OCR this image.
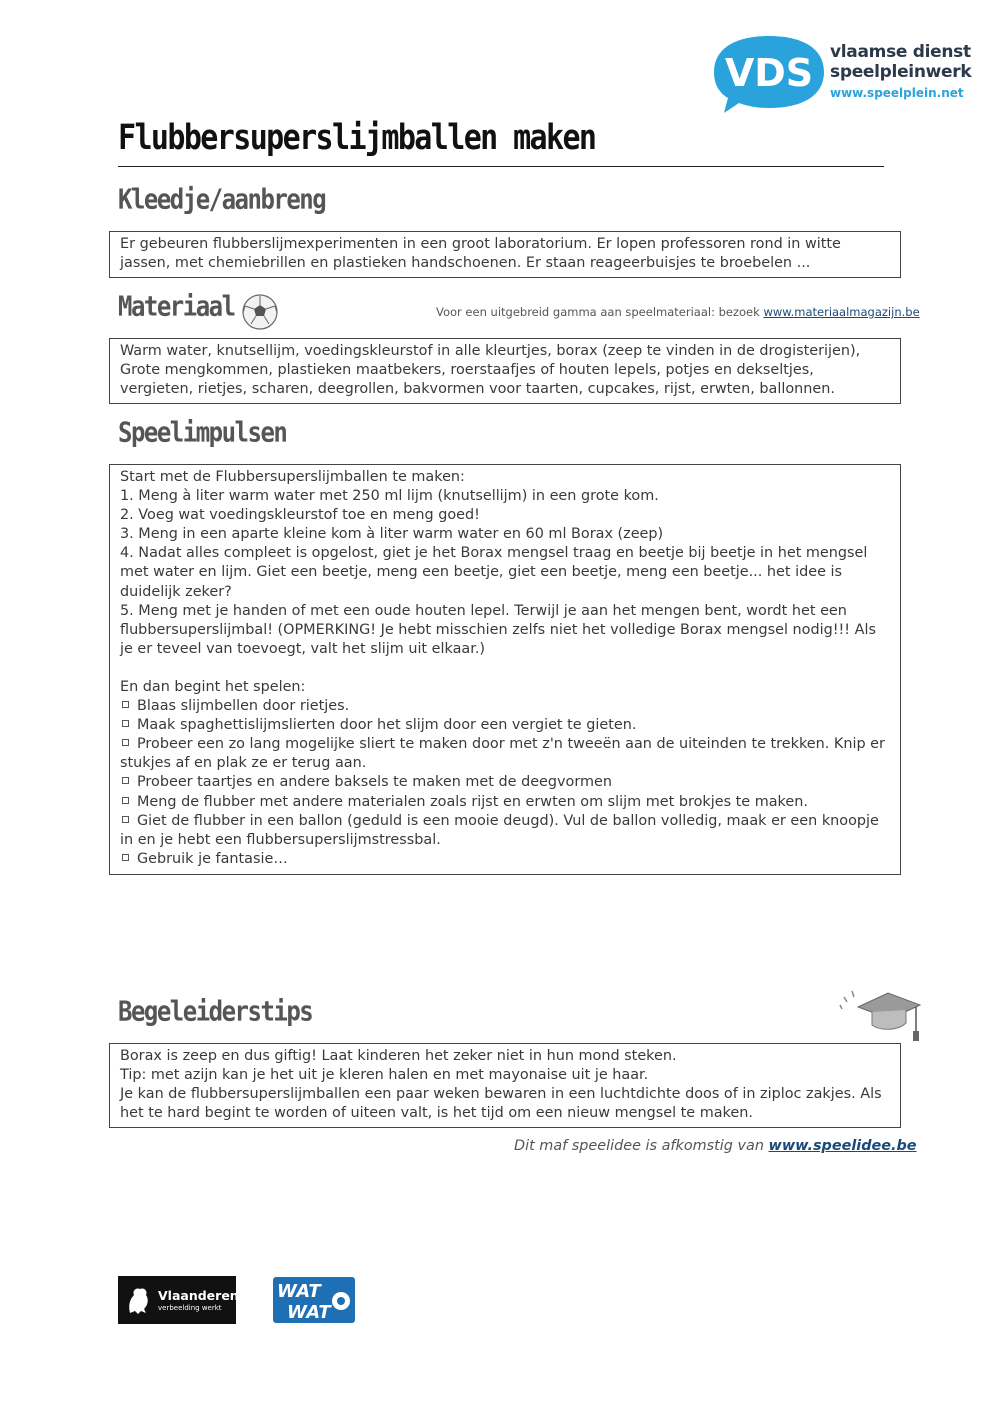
VDS vlaamse dienst
speelpleinwerk
www.speelplein.net
Flubbersuperslijmballen maken
Kleedje/aanbreng

Er gebeuren flubberslijmexperimenten in een groot laboratorium. Er lopen professoren rond in witte jassen, met chemiebrillen en plastieken handschoenen. Er staan reageerbuisjes te broebelen ...

Materiaal	Voor een uitgebreid gamma aan speelmateriaal: bezoek www.materiaalmagazijn.be

Warm water, knutsellijm, voedingskleurstof in alle kleurtjes, borax (zeep te vinden in de drogisterijen), Grote mengkommen, plastieken maatbekers, roerstaafjes of houten lepels, potjes en dekseltjes, vergieten, rietjes, scharen, deegrollen, bakvormen voor taarten, cupcakes, rijst, erwten, ballonnen.

Speelimpulsen

Start met de Flubbersuperslijmballen te maken:

1. Meng à liter warm water met 250 ml lijm (knutsellijm) in een grote kom.

2. Voeg wat voedingskleurstof toe en meng goed!

3. Meng in een aparte kleine kom à liter warm water en 60 ml Borax (zeep)

4. Nadat alles compleet is opgelost, giet je het Borax mengsel traag en beetje bij beetje in het mengsel met water en lijm. Giet een beetje, meng een beetje, giet een beetje, meng een beetje... het idee is duidelijk zeker?

5. Meng met je handen of met een oude houten lepel. Terwijl je aan het mengen bent, wordt het een flubbersuperslijmbal! (OPMERKING! Je hebt misschien zelfs niet het volledige Borax mengsel nodig!!! Als je er teveel van toevoegt, valt het slijm uit elkaar.)

En dan begint het spelen:

Blaas slijmbellen door rietjes.

Maak spaghettislijmslierten door het slijm door een vergiet te gieten.

Probeer een zo lang mogelijke sliert te maken door met z'n tweeën aan de uiteinden te trekken. Knip er stukjes af en plak ze er terug aan.

Probeer taartjes en andere baksels te maken met de deegvormen

Meng de flubber met andere materialen zoals rijst en erwten om slijm met brokjes te maken.

Giet de flubber in een ballon (geduld is een mooie deugd). Vul de ballon volledig, maak er een knoopje in en je hebt een flubbersuperslijmstressbal.

Gebruik je fantasie…

Begeleiderstips

Borax is zeep en dus giftig! Laat kinderen het zeker niet in hun mond steken.

Tip: met azijn kan je het uit je kleren halen en met mayonaise uit je haar.

Je kan de flubbersuperslijmballen een paar weken bewaren in een luchtdichte doos of in ziploc zakjes. Als het te hard begint te worden of uiteen valt, is het tijd om een nieuw mengsel te maken.

Dit maf speelidee is afkomstig van www.speelidee.be
Vlaanderen
verbeelding werkt
WAT
WAT
